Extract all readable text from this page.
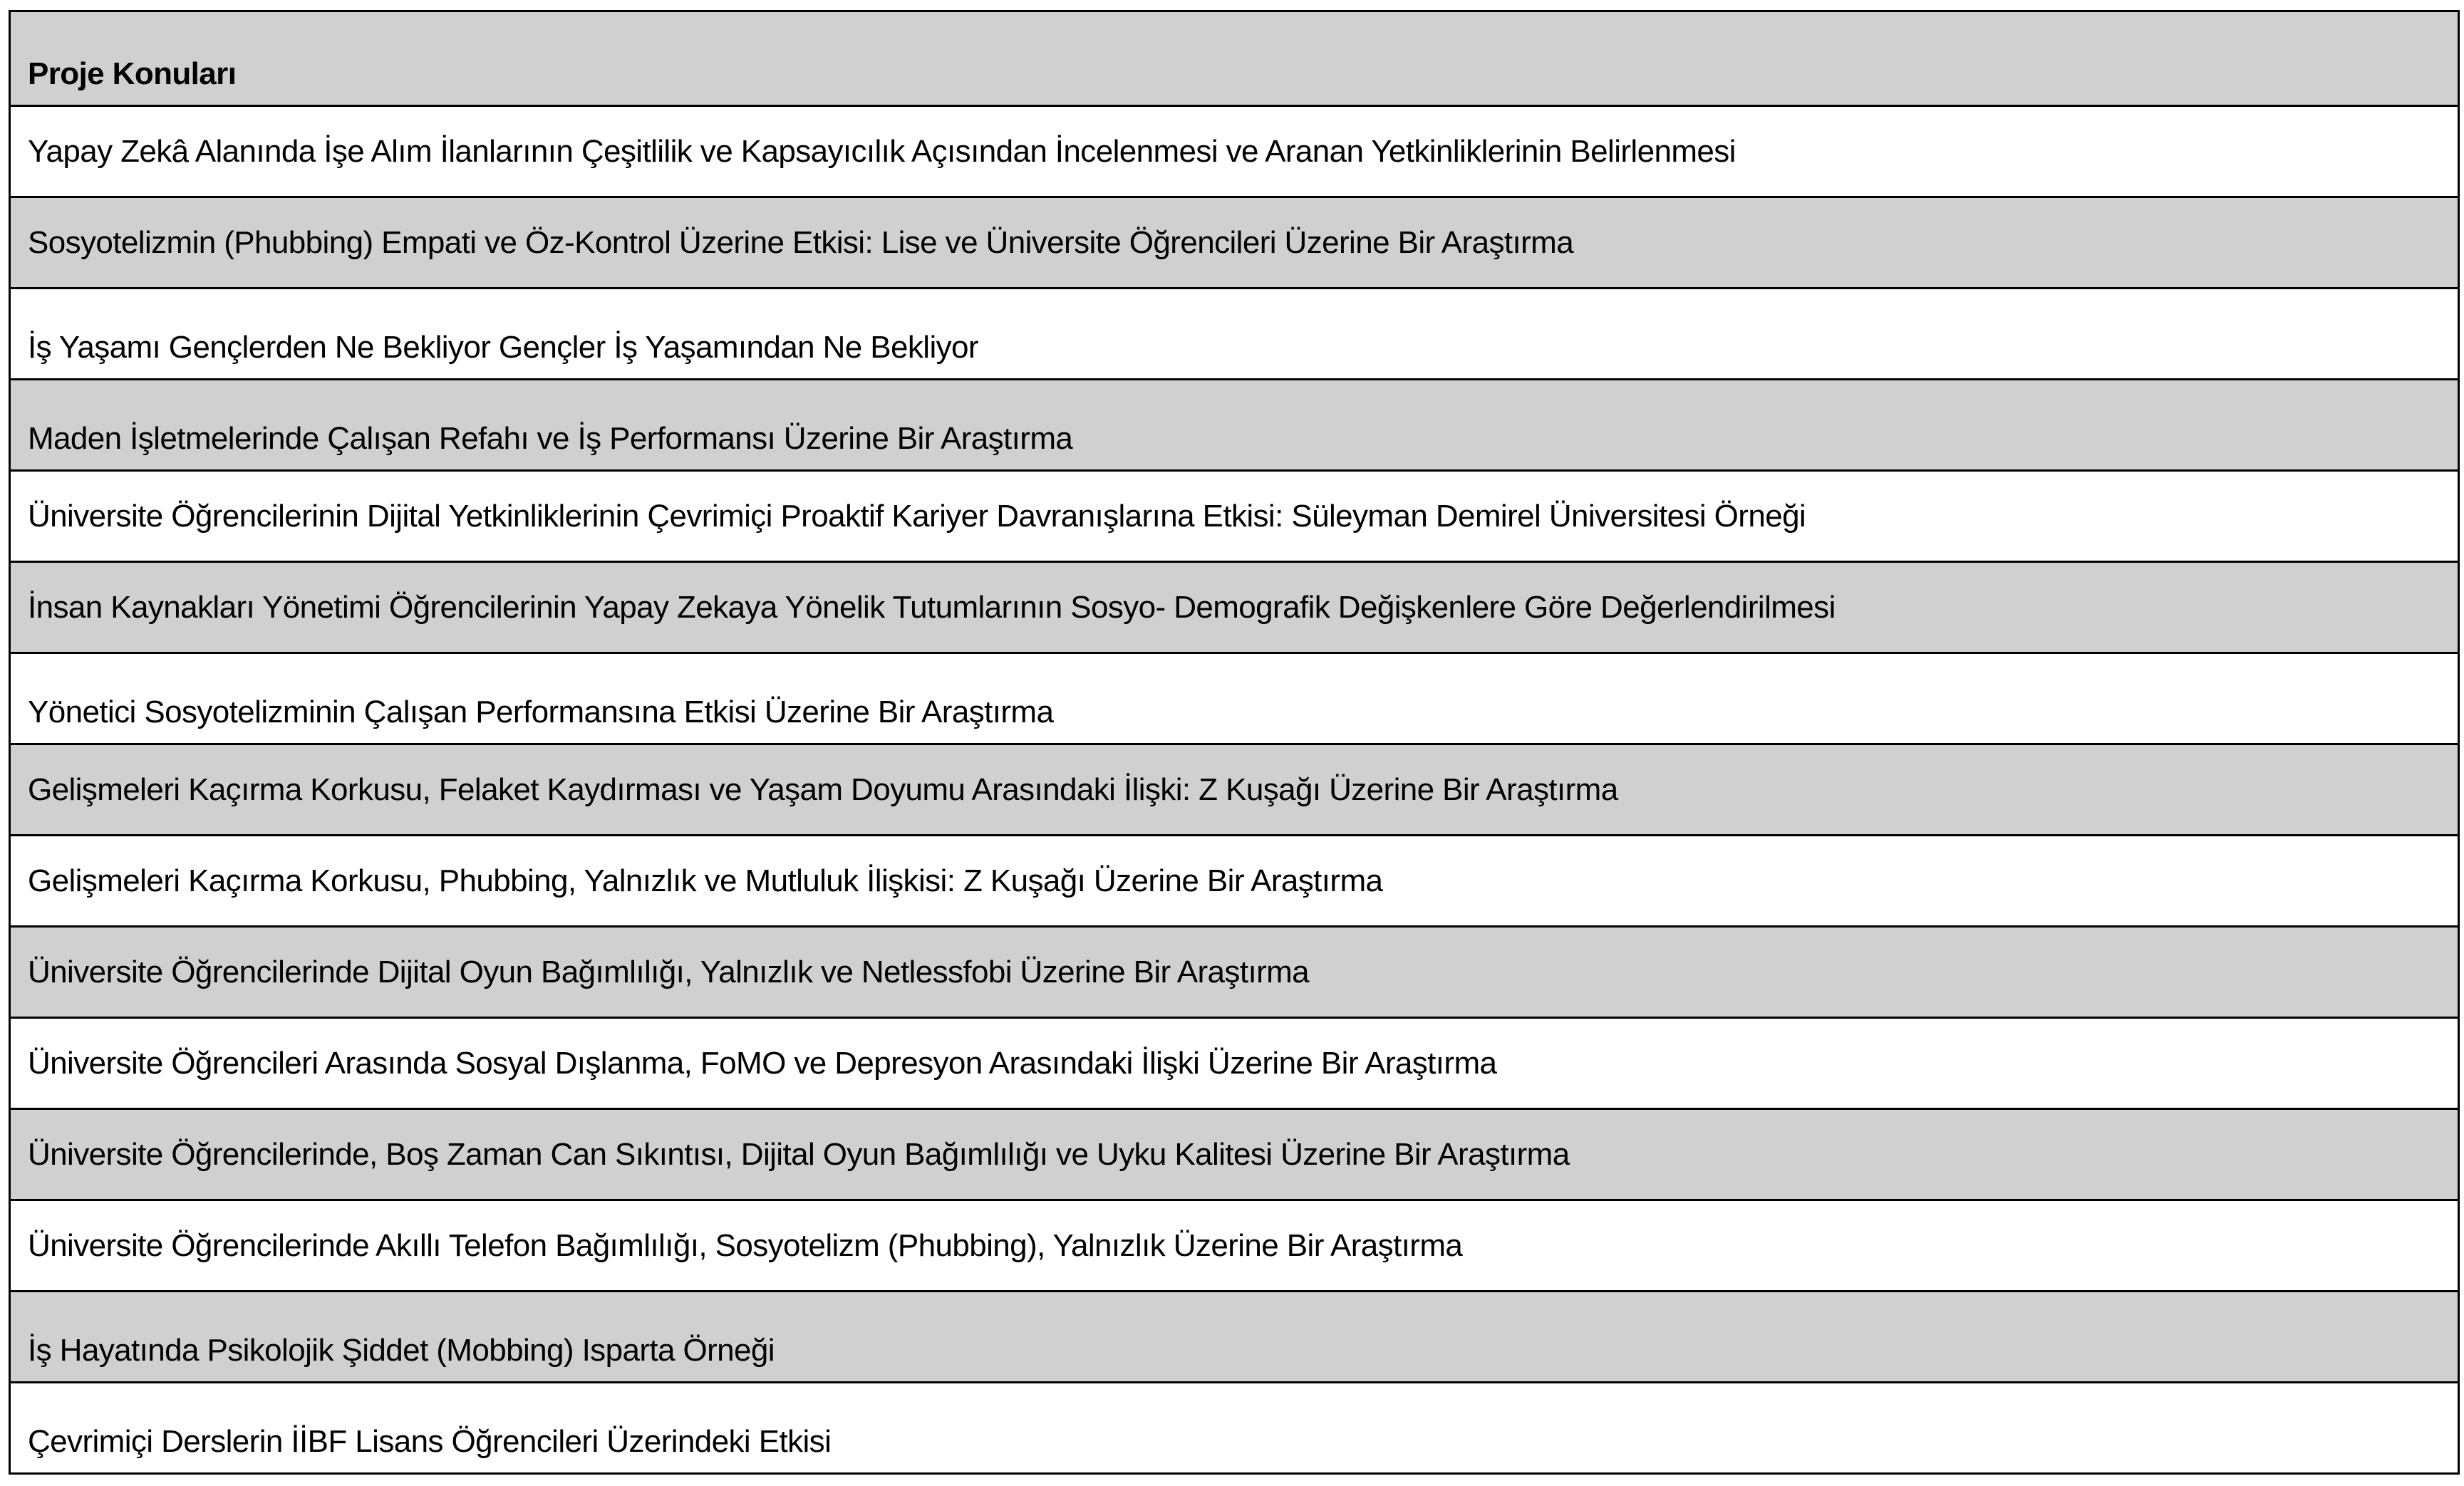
Proje Konuları
Yapay Zekâ Alanında İşe Alım İlanlarının Çeşitlilik ve Kapsayıcılık Açısından İncelenmesi ve Aranan Yetkinliklerinin Belirlenmesi
Sosyotelizmin (Phubbing) Empati ve Öz-Kontrol Üzerine Etkisi: Lise ve Üniversite Öğrencileri Üzerine Bir Araştırma
İş Yaşamı Gençlerden Ne Bekliyor Gençler İş Yaşamından Ne Bekliyor
Maden İşletmelerinde Çalışan Refahı ve İş Performansı Üzerine Bir Araştırma
Üniversite Öğrencilerinin Dijital Yetkinliklerinin Çevrimiçi Proaktif Kariyer Davranışlarına Etkisi: Süleyman Demirel Üniversitesi Örneği
İnsan Kaynakları Yönetimi Öğrencilerinin Yapay Zekaya Yönelik Tutumlarının Sosyo- Demografik Değişkenlere Göre Değerlendirilmesi
Yönetici Sosyotelizminin Çalışan Performansına Etkisi Üzerine Bir Araştırma
Gelişmeleri Kaçırma Korkusu, Felaket Kaydırması ve Yaşam Doyumu Arasındaki İlişki: Z Kuşağı Üzerine Bir Araştırma
Gelişmeleri Kaçırma Korkusu, Phubbing, Yalnızlık ve Mutluluk İlişkisi: Z Kuşağı Üzerine Bir Araştırma
Üniversite Öğrencilerinde Dijital Oyun Bağımlılığı, Yalnızlık ve Netlessfobi Üzerine Bir Araştırma
Üniversite Öğrencileri Arasında Sosyal Dışlanma, FoMO ve Depresyon Arasındaki İlişki Üzerine Bir Araştırma
Üniversite Öğrencilerinde, Boş Zaman Can Sıkıntısı, Dijital Oyun Bağımlılığı ve Uyku Kalitesi Üzerine Bir Araştırma
Üniversite Öğrencilerinde Akıllı Telefon Bağımlılığı, Sosyotelizm (Phubbing), Yalnızlık Üzerine Bir Araştırma
İş Hayatında Psikolojik Şiddet (Mobbing) Isparta Örneği
Çevrimiçi Derslerin İİBF Lisans Öğrencileri Üzerindeki Etkisi
